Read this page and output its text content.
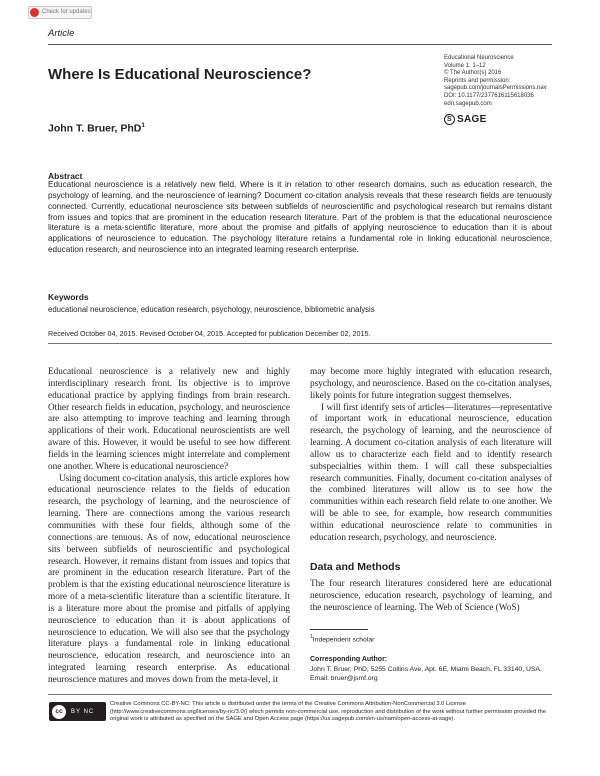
Check for updates
Article
Educational Neuroscience
Volume 1: 1–12
© The Author(s) 2016
Reprints and permission:
sagepub.com/journalsPermissions.nav
DOI: 10.1177/2377616115618036
edn.sagepub.com
S SAGE
Where Is Educational Neuroscience?
John T. Bruer, PhD$^1$
Abstract
Educational neuroscience is a relatively new field. Where is it in relation to other research domains, such as education research, the psychology of learning, and the neuroscience of learning? Document co-citation analysis reveals that these research fields are tenuously connected. Currently, educational neuroscience sits between subfields of neuroscientific and psychological research but remains distant from issues and topics that are prominent in the education research literature. Part of the problem is that the educational neuroscience literature is a meta-scientific literature, more about the promise and pitfalls of applying neuroscience to education than it is about applications of neuroscience to education. The psychology literature retains a fundamental role in linking educational neuroscience, education research, and neuroscience into an integrated learning research enterprise.
Keywords
educational neuroscience, education research, psychology, neuroscience, bibliometric analysis
Received October 04, 2015. Revised October 04, 2015. Accepted for publication December 02, 2015.

Educational neuroscience is a relatively new and highly interdisciplinary research front. Its objective is to improve educational practice by applying findings from brain research. Other research fields in education, psychology, and neuroscience are also attempting to improve teaching and learning through applications of their work. Educational neuroscientists are well aware of this. However, it would be useful to see how different fields in the learning sciences might interrelate and complement one another. Where is educational neuroscience?

Using document co-citation analysis, this article explores how educational neuroscience relates to the fields of education research, the psychology of learning, and the neuroscience of learning. There are connections among the various research communities with these four fields, although some of the connections are tenuous. As of now, educational neuroscience sits between subfields of neuroscientific and psychological research. However, it remains distant from issues and topics that are prominent in the education research literature. Part of the problem is that the existing educational neuroscience literature is more of a meta-scientific literature than a scientific literature. It is a literature more about the promise and pitfalls of applying neuroscience to education than it is about applications of neuroscience to education. We will also see that the psychology literature plays a fundamental role in linking educational neuroscience, education research, and neuroscience into an integrated learning research enterprise. As educational neuroscience matures and moves down from the meta-level, it

may become more highly integrated with education research, psychology, and neuroscience. Based on the co-citation analyses, likely points for future integration suggest themselves.

I will first identify sets of articles—literatures—representative of important work in educational neuroscience, education research, the psychology of learning, and the neuroscience of learning. A document co-citation analysis of each literature will allow us to characterize each field and to identify research subspecialties within them. I will call these subspecialties research communities. Finally, document co-citation analyses of the combined literatures will allow us to see how the communities within each research field relate to one another. We will be able to see, for example, how research communities within educational neuroscience relate to communities in education research, psychology, and neuroscience.

Data and Methods
The four research literatures considered here are educational neuroscience, education research, psychology of learning, and the neuroscience of learning. The Web of Science (WoS)
$^1$Independent scholar
Corresponding Author:
John T. Bruer, PhD, 5255 Collins Ave, Apt. 6E, Miami Beach, FL 33140, USA.
Email: bruer@jsmf.org
cc	BY NC
Creative Commons CC-BY-NC: This article is distributed under the terms of the Creative Commons Attribution-NonCommercial 3.0 License (http://www.creativecommons.org/licenses/by-nc/3.0/) which permits non-commercial use, reproduction and distribution of the work without further permission provided the original work is attributed as specified on the SAGE and Open Access page (https://us.sagepub.com/en-us/nam/open-access-at-sage).
